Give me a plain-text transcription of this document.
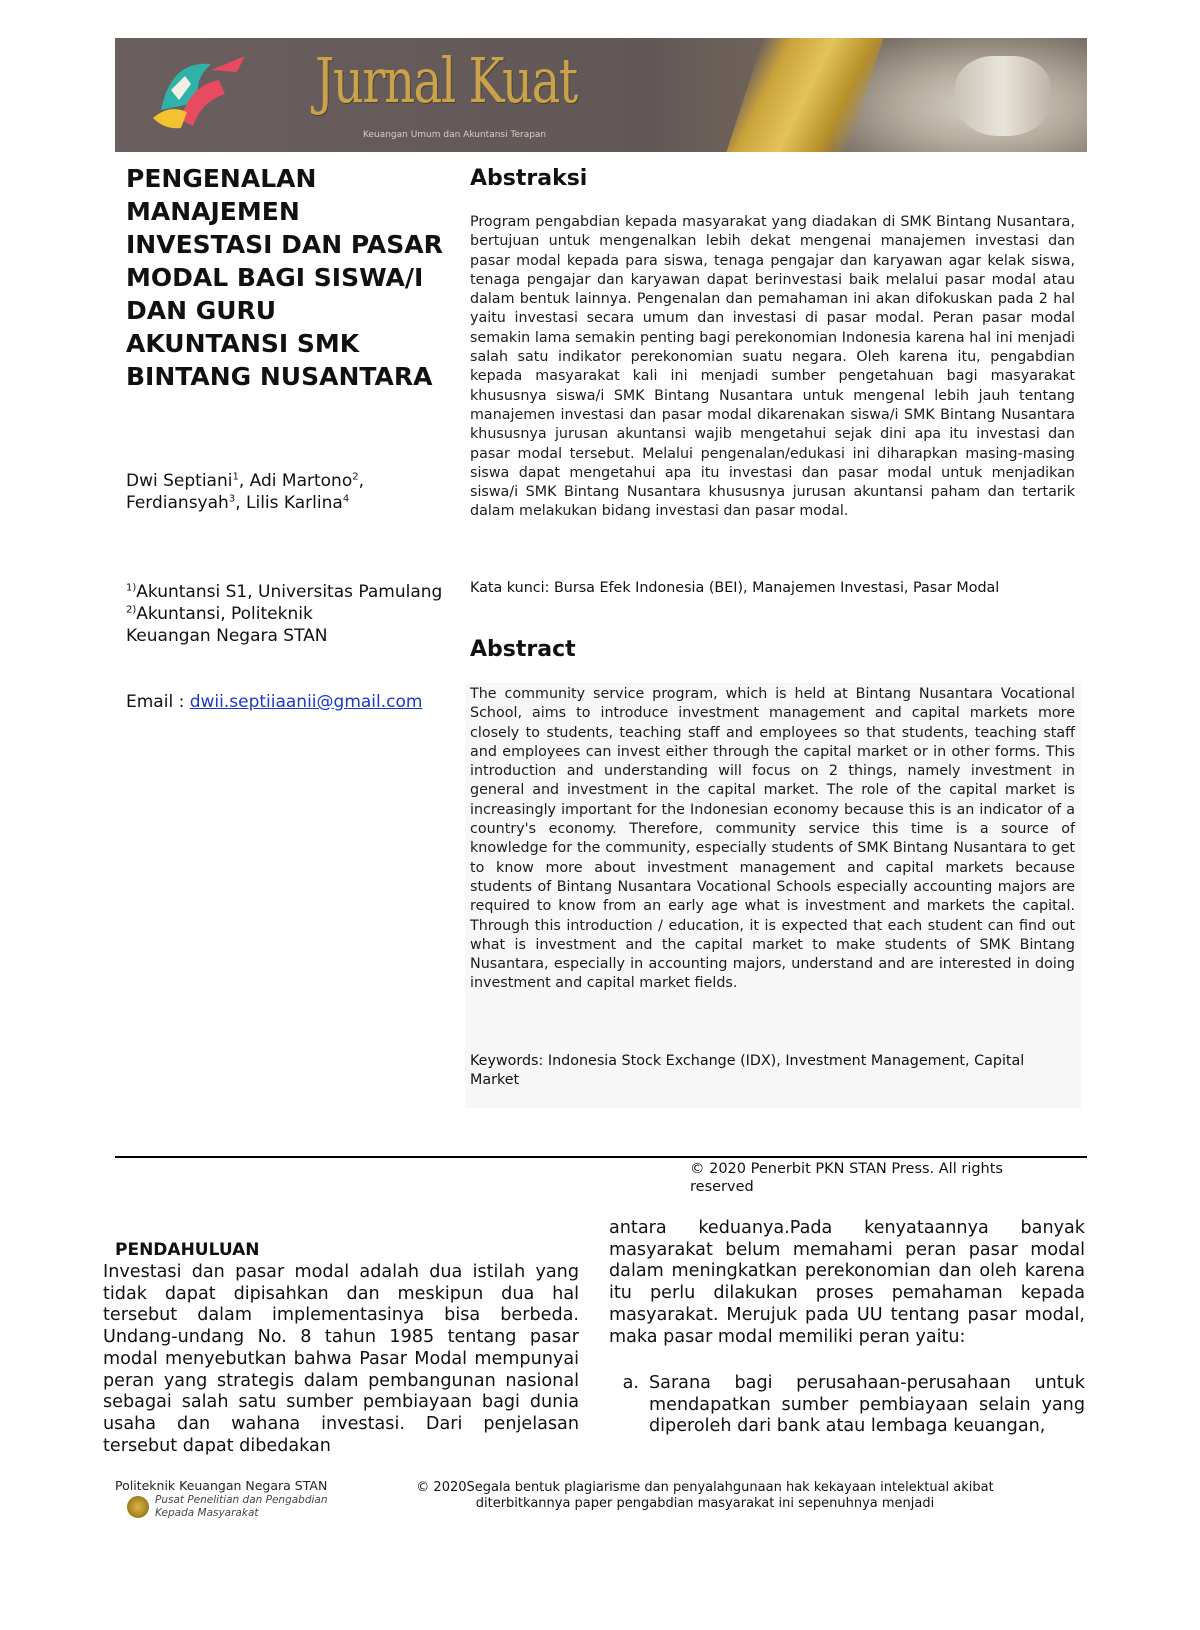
Jurnal Kuat
Keuangan Umum dan Akuntansi Terapan
PENGENALAN MANAJEMEN INVESTASI DAN PASAR MODAL BAGI SISWA/I DAN GURU AKUNTANSI SMK BINTANG NUSANTARA
Dwi Septiani$^1$, Adi Martono$^2$, Ferdiansyah$^3$, Lilis Karlina$^4$
$^{1)}$Akuntansi S1, Universitas Pamulang
$^{2)}$Akuntansi, Politeknik Keuangan Negara STAN
Email : dwii.septiiaanii@gmail.com
Abstraksi

Program pengabdian kepada masyarakat yang diadakan di SMK Bintang Nusantara, bertujuan untuk mengenalkan lebih dekat mengenai manajemen investasi dan pasar modal kepada para siswa, tenaga pengajar dan karyawan agar kelak siswa, tenaga pengajar dan karyawan dapat berinvestasi baik melalui pasar modal atau dalam bentuk lainnya. Pengenalan dan pemahaman ini akan difokuskan pada 2 hal yaitu investasi secara umum dan investasi di pasar modal. Peran pasar modal semakin lama semakin penting bagi perekonomian Indonesia karena hal ini menjadi salah satu indikator perekonomian suatu negara. Oleh karena itu, pengabdian kepada masyarakat kali ini menjadi sumber pengetahuan bagi masyarakat khususnya siswa/i SMK Bintang Nusantara untuk mengenal lebih jauh tentang manajemen investasi dan pasar modal dikarenakan siswa/i SMK Bintang Nusantara khususnya jurusan akuntansi wajib mengetahui sejak dini apa itu investasi dan pasar modal tersebut. Melalui pengenalan/edukasi ini diharapkan masing-masing siswa dapat mengetahui apa itu investasi dan pasar modal untuk menjadikan siswa/i SMK Bintang Nusantara khususnya jurusan akuntansi paham dan tertarik dalam melakukan bidang investasi dan pasar modal.

Kata kunci: Bursa Efek Indonesia (BEI), Manajemen Investasi, Pasar Modal
Abstract

The community service program, which is held at Bintang Nusantara Vocational School, aims to introduce investment management and capital markets more closely to students, teaching staff and employees so that students, teaching staff and employees can invest either through the capital market or in other forms. This introduction and understanding will focus on 2 things, namely investment in general and investment in the capital market. The role of the capital market is increasingly important for the Indonesian economy because this is an indicator of a country's economy. Therefore, community service this time is a source of knowledge for the community, especially students of SMK Bintang Nusantara to get to know more about investment management and capital markets because students of Bintang Nusantara Vocational Schools especially accounting majors are required to know from an early age what is investment and markets the capital. Through this introduction / education, it is expected that each student can find out what is investment and the capital market to make students of SMK Bintang Nusantara, especially in accounting majors, understand and are interested in doing investment and capital market fields.

Keywords: Indonesia Stock Exchange (IDX), Investment Management, Capital Market
© 2020 Penerbit PKN STAN Press. All rights reserved
PENDAHULUAN

Investasi dan pasar modal adalah dua istilah yang tidak dapat dipisahkan dan meskipun dua hal tersebut dalam implementasinya bisa berbeda. Undang-undang No. 8 tahun 1985 tentang pasar modal menyebutkan bahwa Pasar Modal mempunyai peran yang strategis dalam pembangunan nasional sebagai salah satu sumber pembiayaan bagi dunia usaha dan wahana investasi. Dari penjelasan tersebut dapat dibedakan

antara keduanya.Pada kenyataannya banyak masyarakat belum memahami peran pasar modal dalam meningkatkan perekonomian dan oleh karena itu perlu dilakukan proses pemahaman kepada masyarakat. Merujuk pada UU tentang pasar modal, maka pasar modal memiliki peran yaitu:

a. Sarana bagi perusahaan-perusahaan untuk mendapatkan sumber pembiayaan selain yang diperoleh dari bank atau lembaga keuangan,
Politeknik Keuangan Negara STAN
Pusat Penelitian dan Pengabdian
Kepada Masyarakat

© 2020Segala bentuk plagiarisme dan penyalahgunaan hak kekayaan intelektual akibat diterbitkannya paper pengabdian masyarakat ini sepenuhnya menjadi
